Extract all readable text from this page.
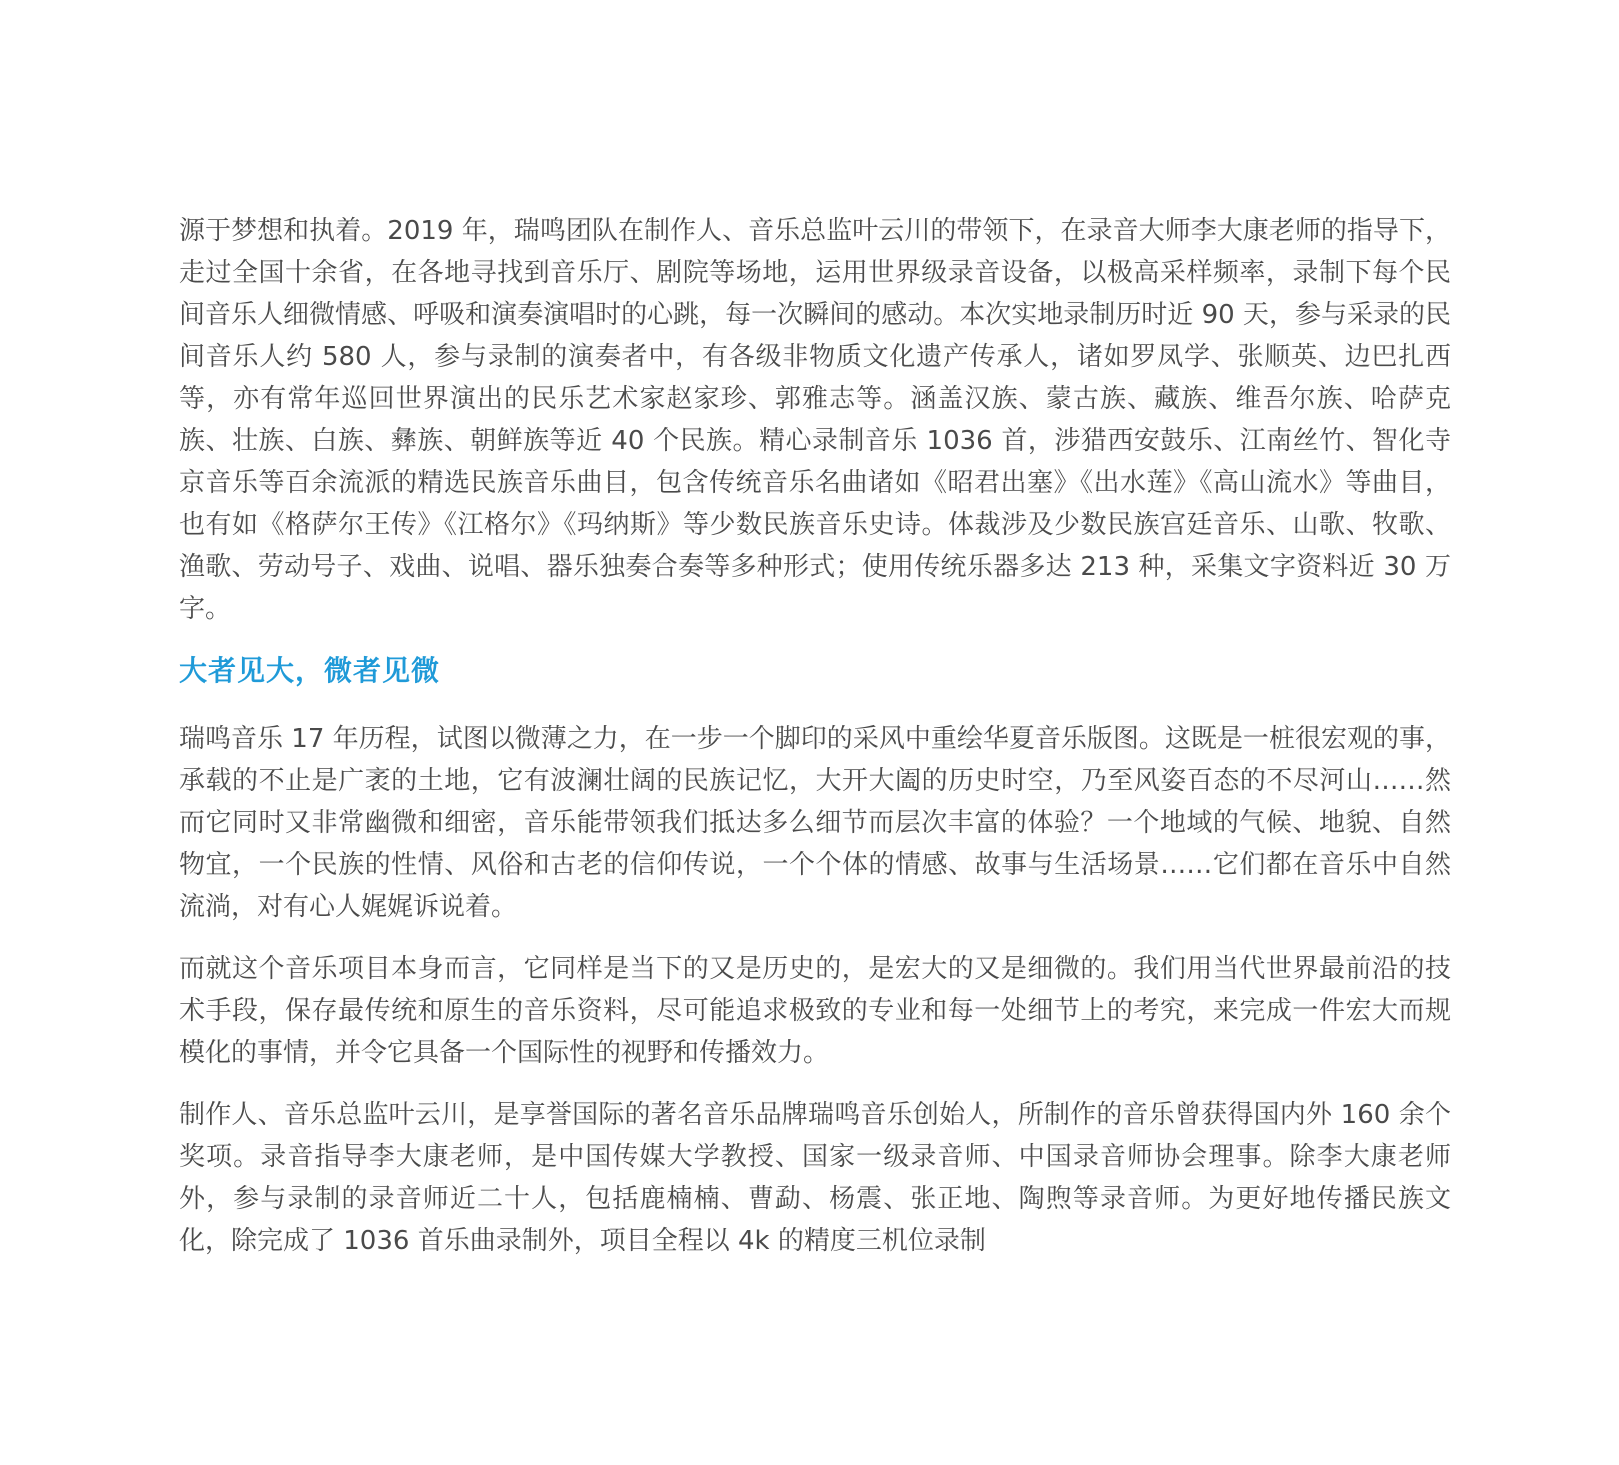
源于梦想和执着。2019 年，瑞鸣团队在制作人、音乐总监叶云川的带领下，在录音大师李大康老师的指导下，走过全国十余省，在各地寻找到音乐厅、剧院等场地，运用世界级录音设备，以极高采样频率，录制下每个民间音乐人细微情感、呼吸和演奏演唱时的心跳，每一次瞬间的感动。本次实地录制历时近 90 天，参与采录的民间音乐人约 580 人，参与录制的演奏者中，有各级非物质文化遗产传承人，诸如罗凤学、张顺英、边巴扎西等，亦有常年巡回世界演出的民乐艺术家赵家珍、郭雅志等。涵盖汉族、蒙古族、藏族、维吾尔族、哈萨克族、壮族、白族、彝族、朝鲜族等近 40 个民族。精心录制音乐 1036 首，涉猎西安鼓乐、江南丝竹、智化寺京音乐等百余流派的精选民族音乐曲目，包含传统音乐名曲诸如《昭君出塞》《出水莲》《高山流水》等曲目，也有如《格萨尔王传》《江格尔》《玛纳斯》等少数民族音乐史诗。体裁涉及少数民族宫廷音乐、山歌、牧歌、渔歌、劳动号子、戏曲、说唱、器乐独奏合奏等多种形式；使用传统乐器多达 213 种，采集文字资料近 30 万字。

大者见大，微者见微

瑞鸣音乐 17 年历程，试图以微薄之力，在一步一个脚印的采风中重绘华夏音乐版图。这既是一桩很宏观的事，承载的不止是广袤的土地，它有波澜壮阔的民族记忆，大开大阖的历史时空，乃至风姿百态的不尽河山……然而它同时又非常幽微和细密，音乐能带领我们抵达多么细节而层次丰富的体验？一个地域的气候、地貌、自然物宜，一个民族的性情、风俗和古老的信仰传说，一个个体的情感、故事与生活场景……它们都在音乐中自然流淌，对有心人娓娓诉说着。

而就这个音乐项目本身而言，它同样是当下的又是历史的，是宏大的又是细微的。我们用当代世界最前沿的技术手段，保存最传统和原生的音乐资料，尽可能追求极致的专业和每一处细节上的考究，来完成一件宏大而规模化的事情，并令它具备一个国际性的视野和传播效力。

制作人、音乐总监叶云川，是享誉国际的著名音乐品牌瑞鸣音乐创始人，所制作的音乐曾获得国内外 160 余个奖项。录音指导李大康老师，是中国传媒大学教授、国家一级录音师、中国录音师协会理事。除李大康老师外，参与录制的录音师近二十人，包括鹿楠楠、曹勐、杨震、张正地、陶煦等录音师。为更好地传播民族文化，除完成了 1036 首乐曲录制外，项目全程以 4k 的精度三机位录制
